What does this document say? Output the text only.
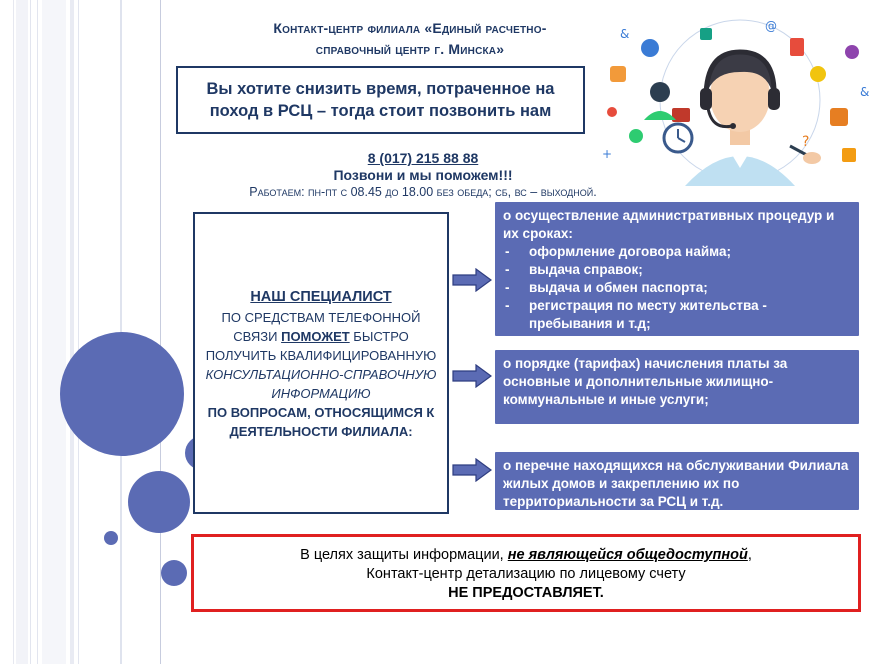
Контакт-центр филиала «Единый расчетно-
справочный центр г. Минска»
Вы хотите снизить время, потраченное на
поход в РСЦ – тогда стоит позвонить нам
8 (017) 215 88 88
Позвони и мы поможем!!!
Работаем: пн-пт с 08.45 до 18.00 без обеда; сб, вс – выходной.
@
&
&
?
+
НАШ СПЕЦИАЛИСТ
ПО СРЕДСТВАМ ТЕЛЕФОННОЙ
СВЯЗИ ПОМОЖЕТ БЫСТРО
ПОЛУЧИТЬ КВАЛИФИЦИРОВАННУЮ
КОНСУЛЬТАЦИОННО-СПРАВОЧНУЮ
ИНФОРМАЦИЮ
ПО ВОПРОСАМ, ОТНОСЯЩИМСЯ К
ДЕЯТЕЛЬНОСТИ ФИЛИАЛА:
о осуществление административных процедур и их сроках:
- оформление договора найма;
- выдача справок;
- выдача и обмен паспорта;
- регистрация по месту жительства - пребывания и т.д;
о порядке (тарифах) начисления платы за основные и дополнительные жилищно-коммунальные и иные услуги;
о перечне находящихся на обслуживании Филиала жилых домов и закреплению их по территориальности за РСЦ и т.д.
В целях защиты информации, не являющейся общедоступной,
Контакт-центр детализацию по лицевому счету
НЕ ПРЕДОСТАВЛЯЕТ.
